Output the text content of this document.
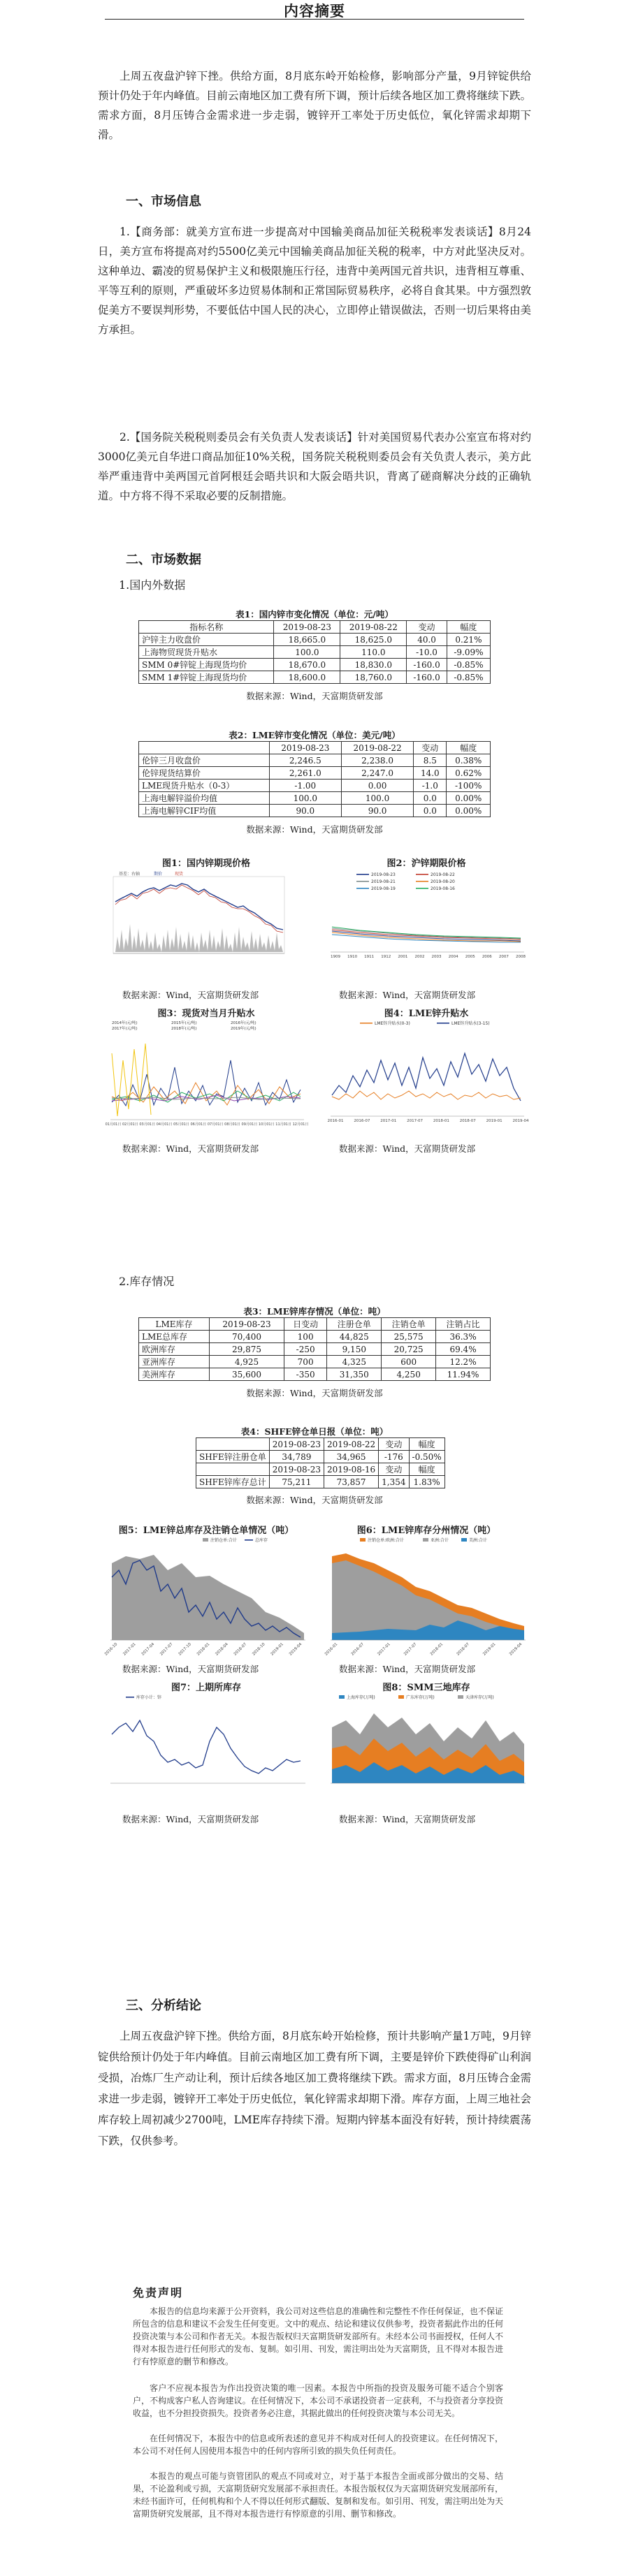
内容摘要
上周五夜盘沪锌下挫。供给方面，8月底东岭开始检修，影响部分产量，9月锌锭供给预计仍处于年内峰值。目前云南地区加工费有所下调，预计后续各地区加工费将继续下跌。需求方面，8月压铸合金需求进一步走弱，镀锌开工率处于历史低位，氧化锌需求却期下滑。
一、市场信息
1.【商务部：就美方宣布进一步提高对中国输美商品加征关税税率发表谈话】8月24日，美方宣布将提高对约5500亿美元中国输美商品加征关税的税率，中方对此坚决反对。这种单边、霸凌的贸易保护主义和极限施压行径，违背中美两国元首共识，违背相互尊重、平等互利的原则，严重破坏多边贸易体制和正常国际贸易秩序，必将自食其果。中方强烈敦促美方不要误判形势，不要低估中国人民的决心，立即停止错误做法，否则一切后果将由美方承担。
2.【国务院关税税则委员会有关负责人发表谈话】针对美国贸易代表办公室宣布将对约3000亿美元自华进口商品加征10%关税，国务院关税税则委员会有关负责人表示，美方此举严重违背中美两国元首阿根廷会晤共识和大阪会晤共识，背离了磋商解决分歧的正确轨道。中方将不得不采取必要的反制措施。
二、市场数据
1.国内外数据
表1：国内锌市变化情况（单位：元/吨）
指标名称	2019-08-23	2019-08-22	变动	幅度
沪锌主力收盘价	18,665.0	18,625.0	40.0	0.21%
上海物贸现货升贴水	100.0	110.0	-10.0	-9.09%
SMM 0#锌锭上海现货均价	18,670.0	18,830.0	-160.0	-0.85%
SMM 1#锌锭上海现货均价	18,600.0	18,760.0	-160.0	-0.85%
数据来源：Wind，天富期货研发部
表2：LME锌市变化情况（单位：美元/吨）
	2019-08-23	2019-08-22	变动	幅度
伦锌三月收盘价	2,246.5	2,238.0	8.5	0.38%
伦锌现货结算价	2,261.0	2,247.0	14.0	0.62%
LME现货升贴水（0-3）	-1.00	0.00	-1.0	-100%
上海电解锌溢价均值	100.0	100.0	0.0	0.00%
上海电解锌CIF均值	90.0	90.0	0.0	0.00%
数据来源：Wind，天富期货研发部
图1：国内锌期现价格
基差：右轴	期价	现货
数据来源：Wind，天富期货研发部
图2：沪锌期限价格
2019-08-23	2019-08-22
2019-08-21	2019-08-20
2019-08-19	2019-08-16
1909 1910 1911 1912 2001 2002 2003 2004 2005 2006 2007 2008
数据来源：Wind，天富期货研发部
图3：现货对当月升贴水
2014年(元/吨)	2015年(元/吨)	2016年(元/吨)
2017年(元/吨)	2018年(元/吨)	2019年(元/吨)
01月01日 02月01日 03月01日 04月01日 05月01日 06月01日 07月01日 08月01日 09月01日 10月01日 11月01日 12月01日
数据来源：Wind，天富期货研发部
图4：LME锌升贴水
LME锌升贴水(0-3)	LME锌升贴水(3-15)
2016-01	2016-07	2017-01	2017-07	2018-01	2018-07	2019-01	2019-04
数据来源：Wind，天富期货研发部
2.库存情况
表3：LME锌库存情况（单位：吨）
LME库存	2019-08-23	日变动	注册仓单	注销仓单	注销占比
LME总库存	70,400	100	44,825	25,575	36.3%
欧洲库存	29,875	-250	9,150	20,725	69.4%
亚洲库存	4,925	700	4,325	600	12.2%
美洲库存	35,600	-350	31,350	4,250	11.94%
数据来源：Wind，天富期货研发部
表4：SHFE锌仓单日报（单位：吨）
	2019-08-23	2019-08-22	变动	幅度
SHFE锌注册仓单	34,789	34,965	-176	-0.50%
	2019-08-23	2019-08-16	变动	幅度
SHFE锌库存总计	75,211	73,857	1,354	1.83%
数据来源：Wind，天富期货研发部
图5：LME锌总库存及注销仓单情况（吨）
注销仓单:合计	总库存
2016-10 2017-01 2017-04 2017-07 2017-10 2018-01 2018-04 2018-07 2018-10 2019-01 2019-04
数据来源：Wind，天富期货研发部
图6：LME锌库存分州情况（吨）
注销仓单:欧洲:合计	亚洲:合计	美洲:合计
2016-01	2016-07	2017-01	2017-07	2018-01	2018-07	2019-01	2019-04
数据来源：Wind，天富期货研发部
图7：上期所库存
库存小计：锌
数据来源：Wind，天富期货研发部
图8：SMM三地库存
上海库存(万吨)	广东库存(万吨)	天津库存(万吨)
数据来源：Wind，天富期货研发部
三、分析结论
上周五夜盘沪锌下挫。供给方面，8月底东岭开始检修，预计共影响产量1万吨，9月锌锭供给预计仍处于年内峰值。目前云南地区加工费有所下调，主要是锌价下跌使得矿山利润受损，冶炼厂生产动让利，预计后续各地区加工费将继续下跌。需求方面，8月压铸合金需求进一步走弱，镀锌开工率处于历史低位，氧化锌需求却期下滑。库存方面，上周三地社会库存较上周初减少2700吨，LME库存持续下滑。短期内锌基本面没有好转，预计持续震荡下跌，仅供参考。
免责声明
本报告的信息均来源于公开资料，我公司对这些信息的准确性和完整性不作任何保证，也不保证所包含的信息和建议不会发生任何变更。文中的观点、结论和建议仅供参考，投资者据此作出的任何投资决策与本公司和作者无关。本报告版权归天富期货研发部所有。未经本公司书面授权，任何人不得对本报告进行任何形式的发布、复制。如引用、刊发，需注明出处为天富期货，且不得对本报告进行有悖原意的删节和修改。
客户不应视本报告为作出投资决策的唯一因素。本报告中所指的投资及服务可能不适合个别客户，不构成客户私人咨询建议。在任何情况下，本公司不承诺投资者一定获利，不与投资者分享投资收益，也不分担投资损失。投资者务必注意，其据此做出的任何投资决策与本公司无关。
在任何情况下，本报告中的信息或所表述的意见并不构成对任何人的投资建议。在任何情况下，本公司不对任何人因使用本报告中的任何内容所引致的损失负任何责任。
本报告的观点可能与资管团队的观点不同或对立，对于基于本报告全面或部分做出的交易、结果，不论盈利或亏损，天富期货研究发展部不承担责任。本报告版权仅为天富期货研究发展部所有，未经书面许可，任何机构和个人不得以任何形式翻版、复制和发布。如引用、刊发，需注明出处为天富期货研究发展部，且不得对本报告进行有悖原意的引用、删节和修改。
